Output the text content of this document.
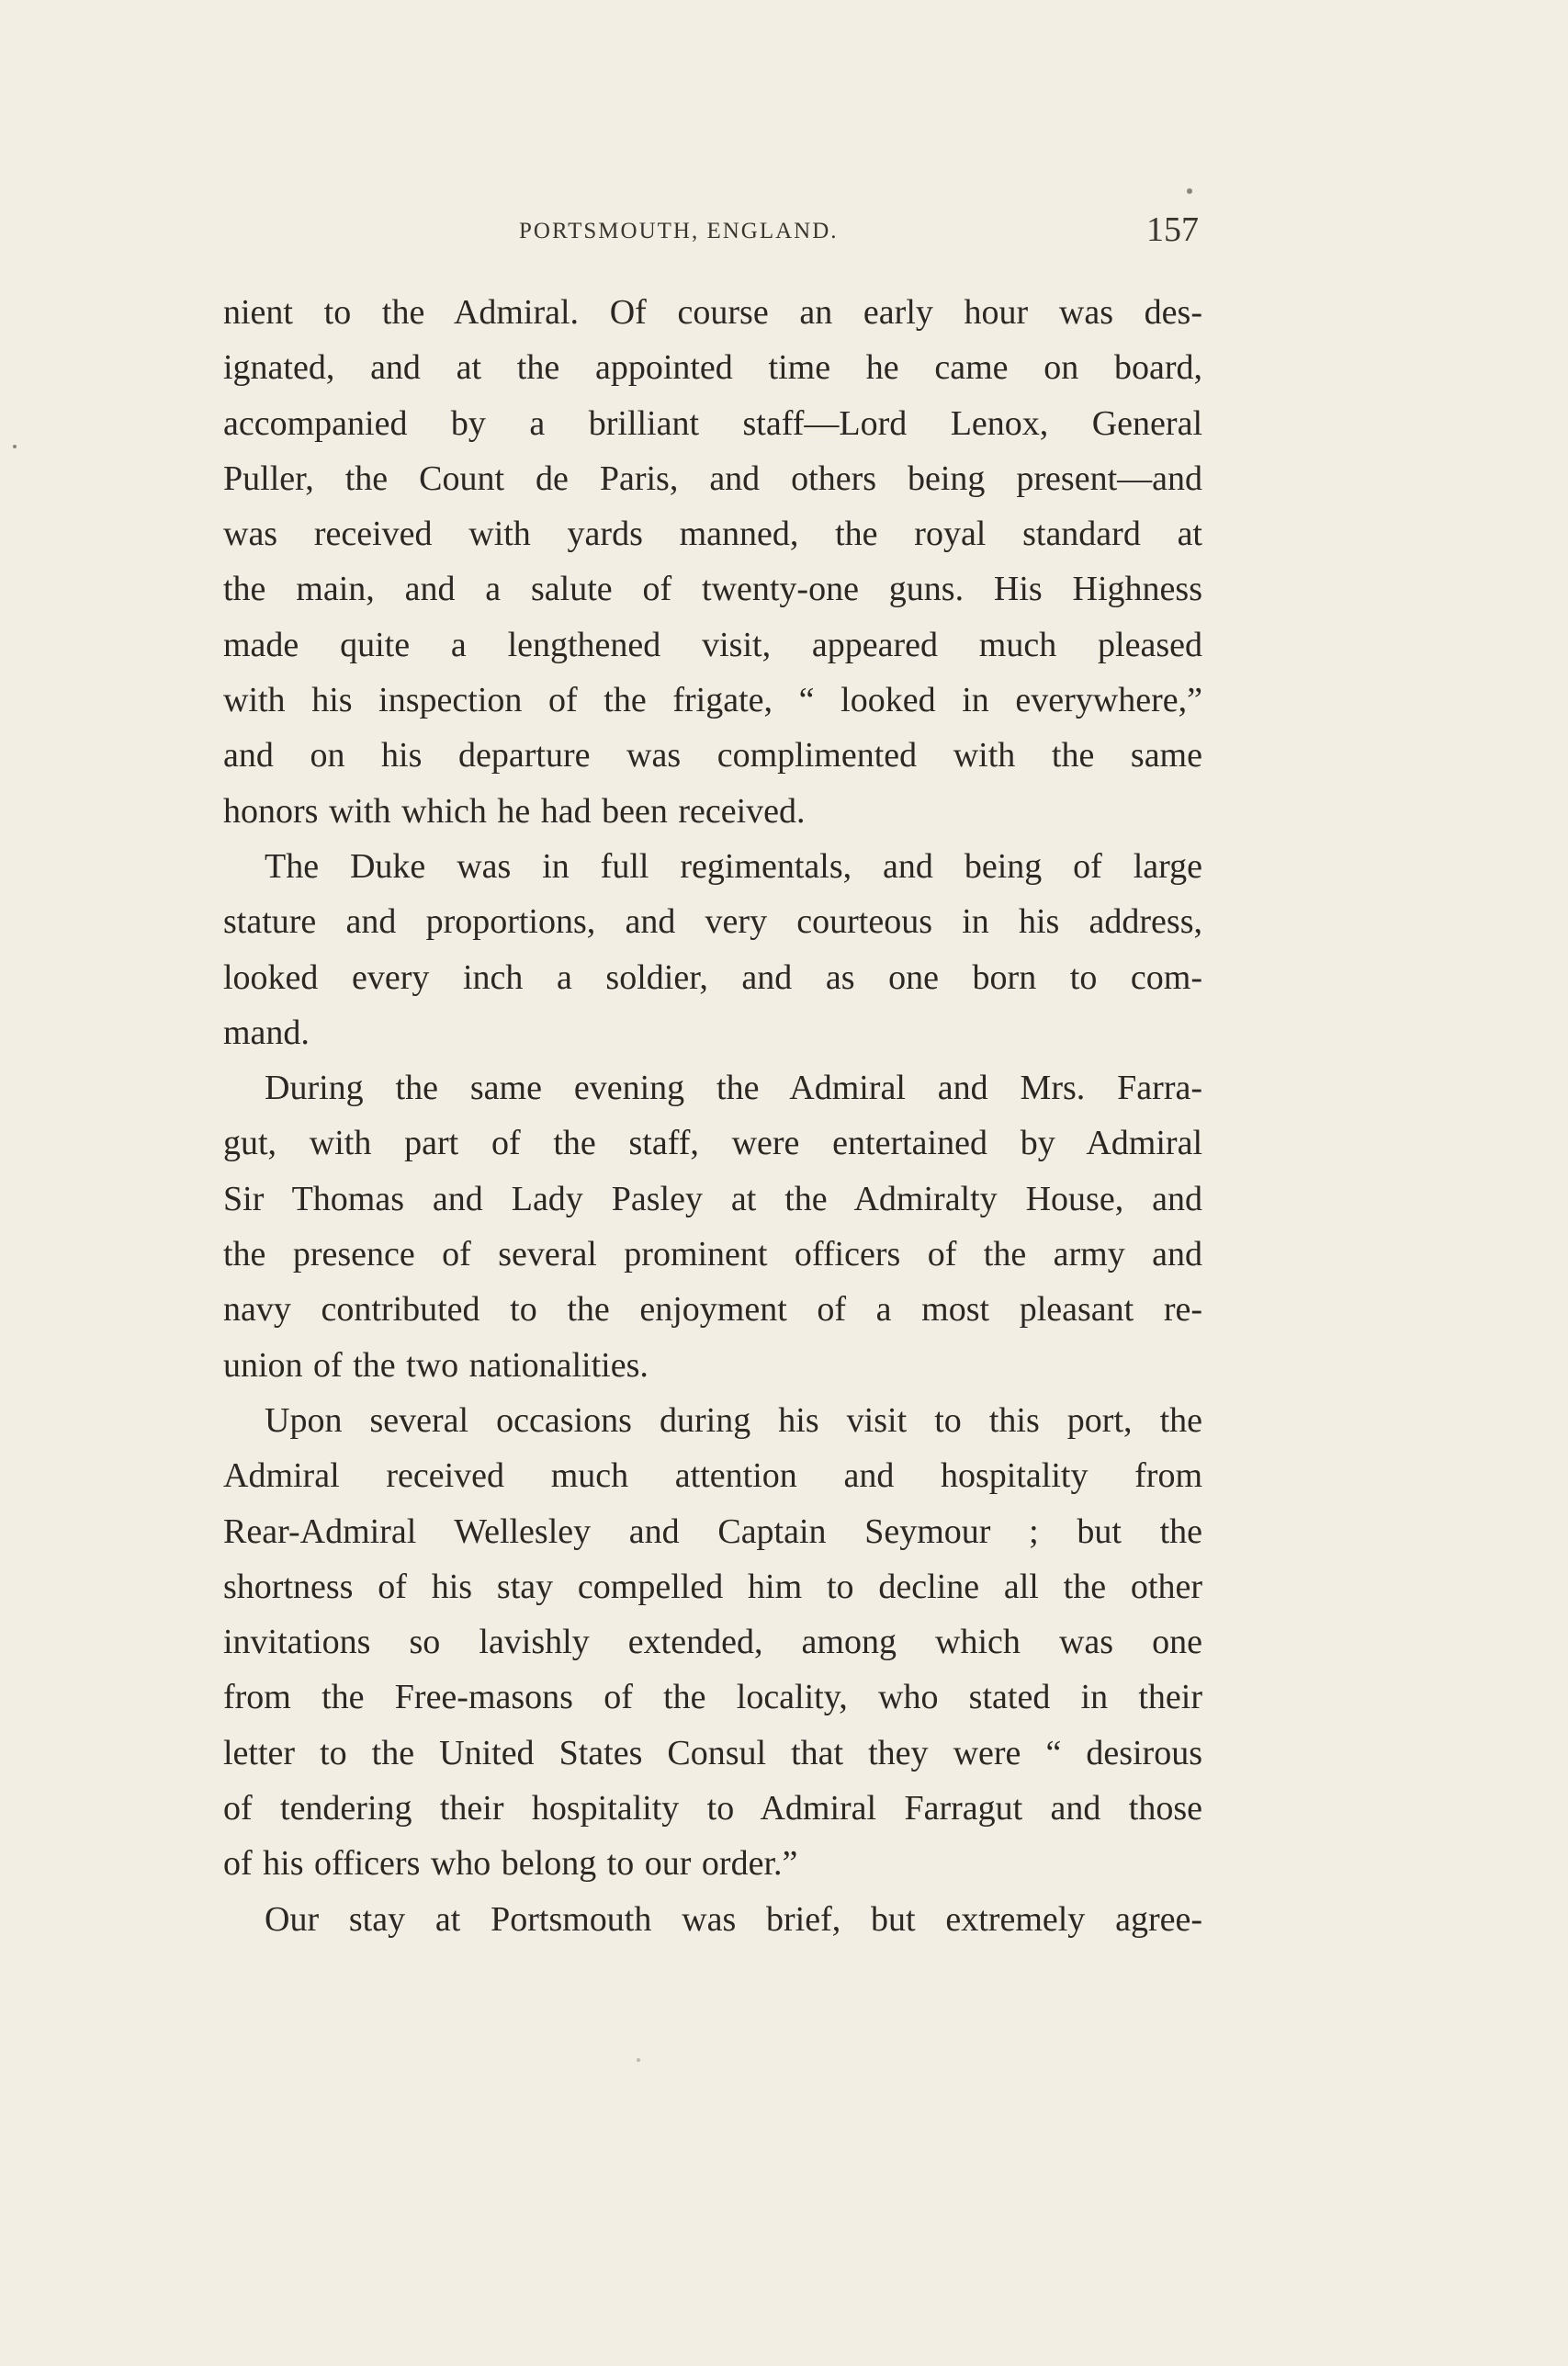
PORTSMOUTH, ENGLAND.	157
nient to the Admiral. Of course an early hour was des-
ignated, and at the appointed time he came on board,
accompanied by a brilliant staff—Lord Lenox, General
Puller, the Count de Paris, and others being present—and
was received with yards manned, the royal standard at
the main, and a salute of twenty-one guns. His Highness
made quite a lengthened visit, appeared much pleased
with his inspection of the frigate, “ looked in everywhere,”
and on his departure was complimented with the same
honors with which he had been received.
The Duke was in full regimentals, and being of large
stature and proportions, and very courteous in his address,
looked every inch a soldier, and as one born to com-
mand.
During the same evening the Admiral and Mrs. Farra-
gut, with part of the staff, were entertained by Admiral
Sir Thomas and Lady Pasley at the Admiralty House, and
the presence of several prominent officers of the army and
navy contributed to the enjoyment of a most pleasant re-
union of the two nationalities.
Upon several occasions during his visit to this port, the
Admiral received much attention and hospitality from
Rear-Admiral Wellesley and Captain Seymour ; but the
shortness of his stay compelled him to decline all the other
invitations so lavishly extended, among which was one
from the Free-masons of the locality, who stated in their
letter to the United States Consul that they were “ desirous
of tendering their hospitality to Admiral Farragut and those
of his officers who belong to our order.”
Our stay at Portsmouth was brief, but extremely agree-
